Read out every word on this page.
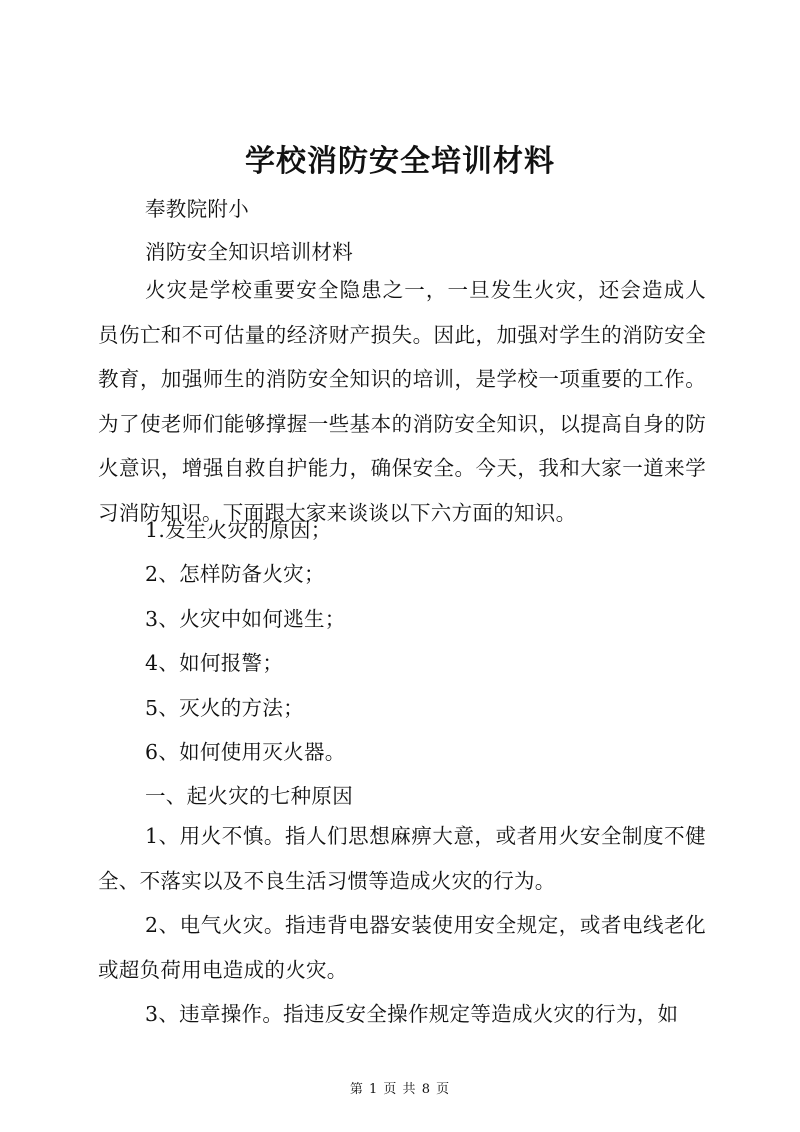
学校消防安全培训材料
奉教院附小
消防安全知识培训材料
火灾是学校重要安全隐患之一，一旦发生火灾，还会造成人员伤亡和不可估量的经济财产损失。因此，加强对学生的消防安全教育，加强师生的消防安全知识的培训，是学校一项重要的工作。为了使老师们能够撑握一些基本的消防安全知识，以提高自身的防火意识，增强自救自护能力，确保安全。今天，我和大家一道来学习消防知识。下面跟大家来谈谈以下六方面的知识。
1.发生火灾的原因；
2、怎样防备火灾；
3、火灾中如何逃生；
4、如何报警；
5、灭火的方法；
6、如何使用灭火器。
一、起火灾的七种原因
1、用火不慎。指人们思想麻痹大意，或者用火安全制度不健全、不落实以及不良生活习惯等造成火灾的行为。
2、电气火灾。指违背电器安装使用安全规定，或者电线老化或超负荷用电造成的火灾。
3、违章操作。指违反安全操作规定等造成火灾的行为，如
第 1 页 共 8 页
